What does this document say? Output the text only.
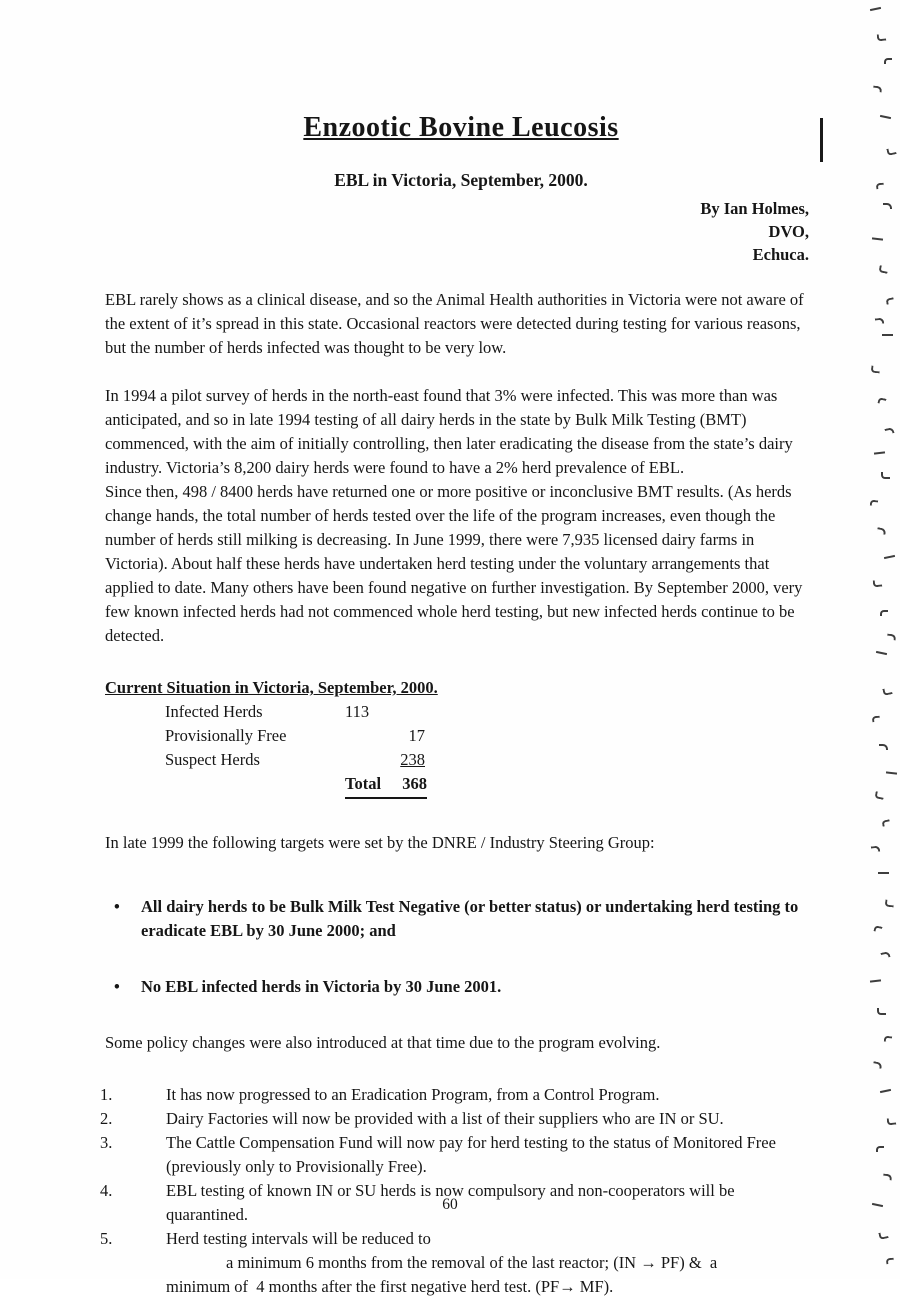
Enzootic Bovine Leucosis
EBL in Victoria, September, 2000.
By Ian Holmes,
DVO,
Echuca.

EBL rarely shows as a clinical disease, and so the Animal Health authorities in Victoria were not aware of the extent of it’s spread in this state. Occasional reactors were detected during testing for various reasons, but the number of herds infected was thought to be very low.

In 1994 a pilot survey of herds in the north-east found that 3% were infected. This was more than was anticipated, and so in late 1994 testing of all dairy herds in the state by Bulk Milk Testing (BMT) commenced, with the aim of initially controlling, then later eradicating the disease from the state’s dairy industry. Victoria’s 8,200 dairy herds were found to have a 2% herd prevalence of EBL.

Since then, 498 / 8400 herds have returned one or more positive or inconclusive BMT results. (As herds change hands, the total number of herds tested over the life of the program increases, even though the number of herds still milking is decreasing. In June 1999, there were 7,935 licensed dairy farms in Victoria). About half these herds have undertaken herd testing under the voluntary arrangements that applied to date. Many others have been found negative on further investigation. By September 2000, very few known infected herds had not commenced whole herd testing, but new infected herds continue to be detected.

Current Situation in Victoria, September, 2000.
Infected Herds	113
Provisionally Free	17
Suspect Herds	238
Total 368

In late 1999 the following targets were set by the DNRE / Industry Steering Group:

• All dairy herds to be Bulk Milk Test Negative (or better status) or undertaking herd testing to eradicate EBL by 30 June 2000; and
• No EBL infected herds in Victoria by 30 June 2001.

Some policy changes were also introduced at that time due to the program evolving.

1.	It has now progressed to an Eradication Program, from a Control Program.
2.	Dairy Factories will now be provided with a list of their suppliers who are IN or SU.
3.	The Cattle Compensation Fund will now pay for herd testing to the status of Monitored Free (previously only to Provisionally Free).
4.	EBL testing of known IN or SU herds is now compulsory and non-cooperators will be quarantined.
5.	Herd testing intervals will be reduced to
a minimum 6 months from the removal of the last reactor; (IN → PF) &  a
minimum of  4 months after the first negative herd test. (PF→ MF).
60
